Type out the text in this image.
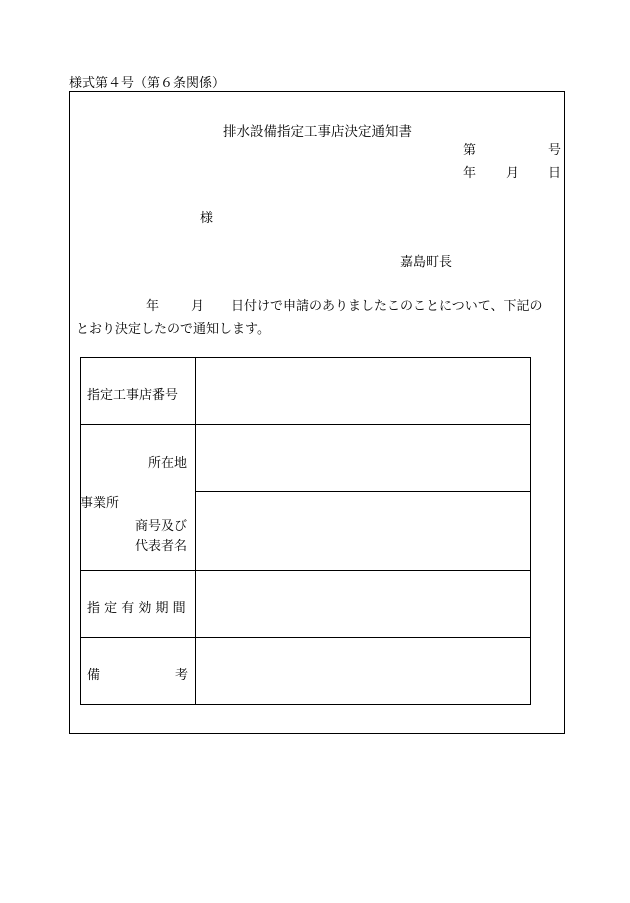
様式第４号（第６条関係）
排水設備指定工事店決定通知書
第	号
年 月 日
様
嘉島町長
年 月 日付けで申請のありましたこのことについて、下記の
とおり決定したので通知します。
指定工事店番号
所在地
事業所
商号及び
代表者名
指 定 有 効 期 間
備	考
